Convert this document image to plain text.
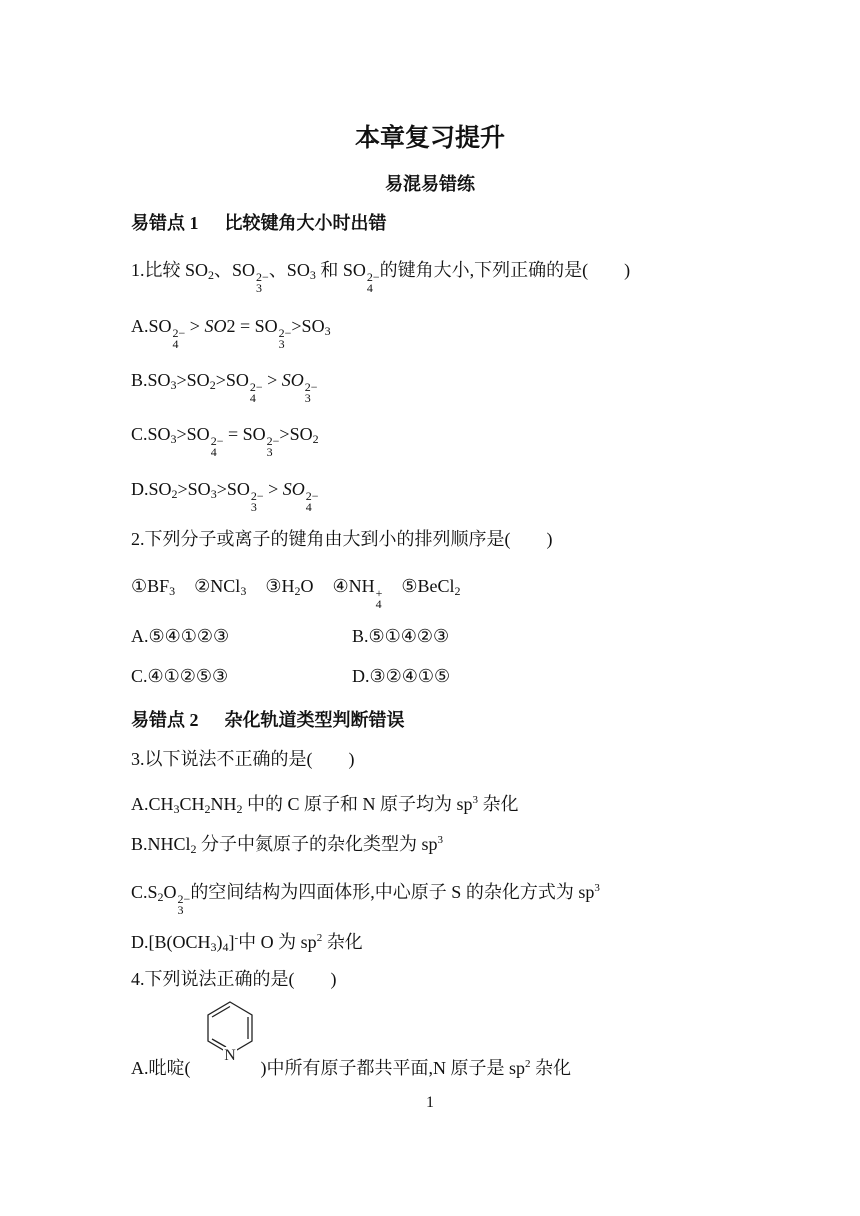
本章复习提升
易混易错练
易错点 1 比较键角大小时出错
1.比较 $SO_2$、SO 2−
3
、$SO_3$ 和 SO 2−
4
的键角大小,下列正确的是( )
A.SO 2−
4
> SO2 = SO 2−
3
$>SO_3$
$B.SO_3>SO_2>SO$ 2−
4
> SO 2−
3
$C.SO_3>SO$ 2−
4
= SO 2−
3
$>SO_2$
$D.SO_2>SO_3>SO$ 2−
3
> SO 2−
4
2.下列分子或离子的键角由大到小的排列顺序是( )
$①BF_3$ ②NCl$_3$ $③H_2O$  ④NH +
4
⑤BeCl$_2$
A.⑤④①②③	B.⑤①④②③
C.④①②⑤③	D.③②④①⑤
易错点 2 杂化轨道类型判断错误
3.以下说法不正确的是( )
$A.CH_3CH_2NH_2$ 中的 C 原子和 N 原子均为 $sp^3$ 杂化
B.NHCl$_2$ 分子中氮原子的杂化类型为 $sp^3$
$C.S_2O$ 2−
3
的空间结构为四面体形,中心原子 S 的杂化方式为 $sp^3$
$D.[B(OCH_3)_4]^-$中 O 为 $sp^2$ 杂化
4.下列说法正确的是( )
A.吡啶(	)中所有原子都共平面,N 原子是 $sp^2$ 杂化
N
1
